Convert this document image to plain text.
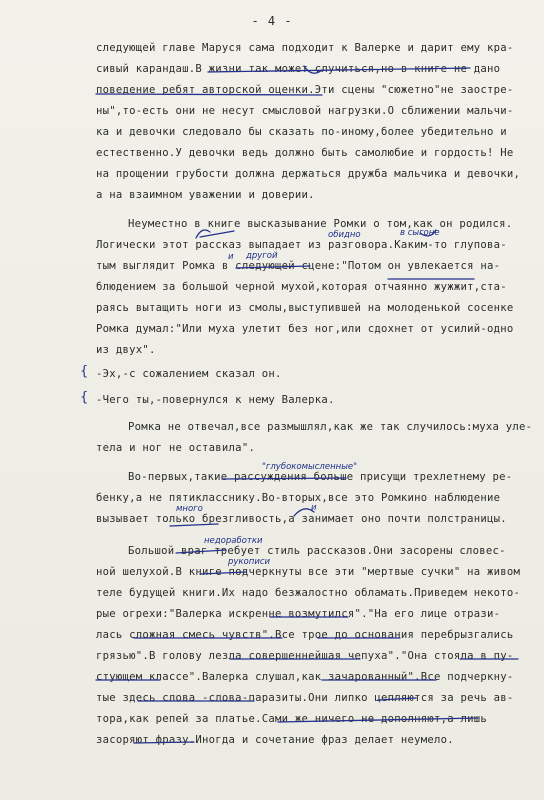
- 4 -
следующей главе Маруся сама подходит к Валерке и дарит ему кра-
сивый карандаш.В жизни так может случиться,но в книге не дано
поведение ребят авторской оценки.Эти сцены "сюжетно"не заостре-
ны",то-есть они не несут смысловой нагрузки.О сближении мальчи-
ка и девочки следовало бы сказать по-иному,более убедительно и
естественно.У девочки ведь должно быть самолюбие и гордость! Не
на прощении грубости должна держаться дружба мальчика и девочки,
а на взаимном уважении и доверии.
Неуместно в книге высказывание Ромки о том,как он родился.
Логически этот рассказ выпадает из разговора.Каким-то глупова-
тым выглядит Ромка в следующей сцене:"Потом он увлекается на-
блюдением за большой черной мухой,которая отчаянно жужжит,ста-
раясь вытащить ноги из смолы,выступившей на молоденькой сосенке
Ромка думал:"Или муха улетит без ног,или сдохнет от усилий-одно
из двух".
-Эх,-с сожалением сказал он.
-Чего ты,-повернулся к нему Валерка.
Ромка не отвечал,все размышлял,как же так случилось:муха уле-
тела и ног не оставила".
Во-первых,такие рассуждения больше присущи трехлетнему ре-
бенку,а не пятикласснику.Во-вторых,все это Ромкино наблюдение
вызывает только брезгливость,а занимает оно почти полстраницы.
Большой враг требует стиль рассказов.Они засорены словес-
ной шелухой.В книге подчеркнуты все эти "мертвые сучки" на живом
теле будущей книги.Их надо безжалостно обламать.Приведем некото-
рые огрехи:"Валерка искренне возмутился"."На его лице отрази-
лась сложная смесь чувств".Все трое до основания перебрызгались
грязью".В голову лезла совершеннейшая чепуха"."Она стояла в пу-
стующем классе".Валерка слушал,как зачарованный".Все подчеркну-
тые здесь слова -слова-паразиты.Они липко цепляются за речь ав-
тора,как репей за платье.Сами же ничего не дополняют,а лишь
засоряют фразу.Иногда и сочетание фраз делает неумело.
обидно	в сыгоне
другой
и
"глубокомысленные"
много	и
недоработки
рукописи
{
{
